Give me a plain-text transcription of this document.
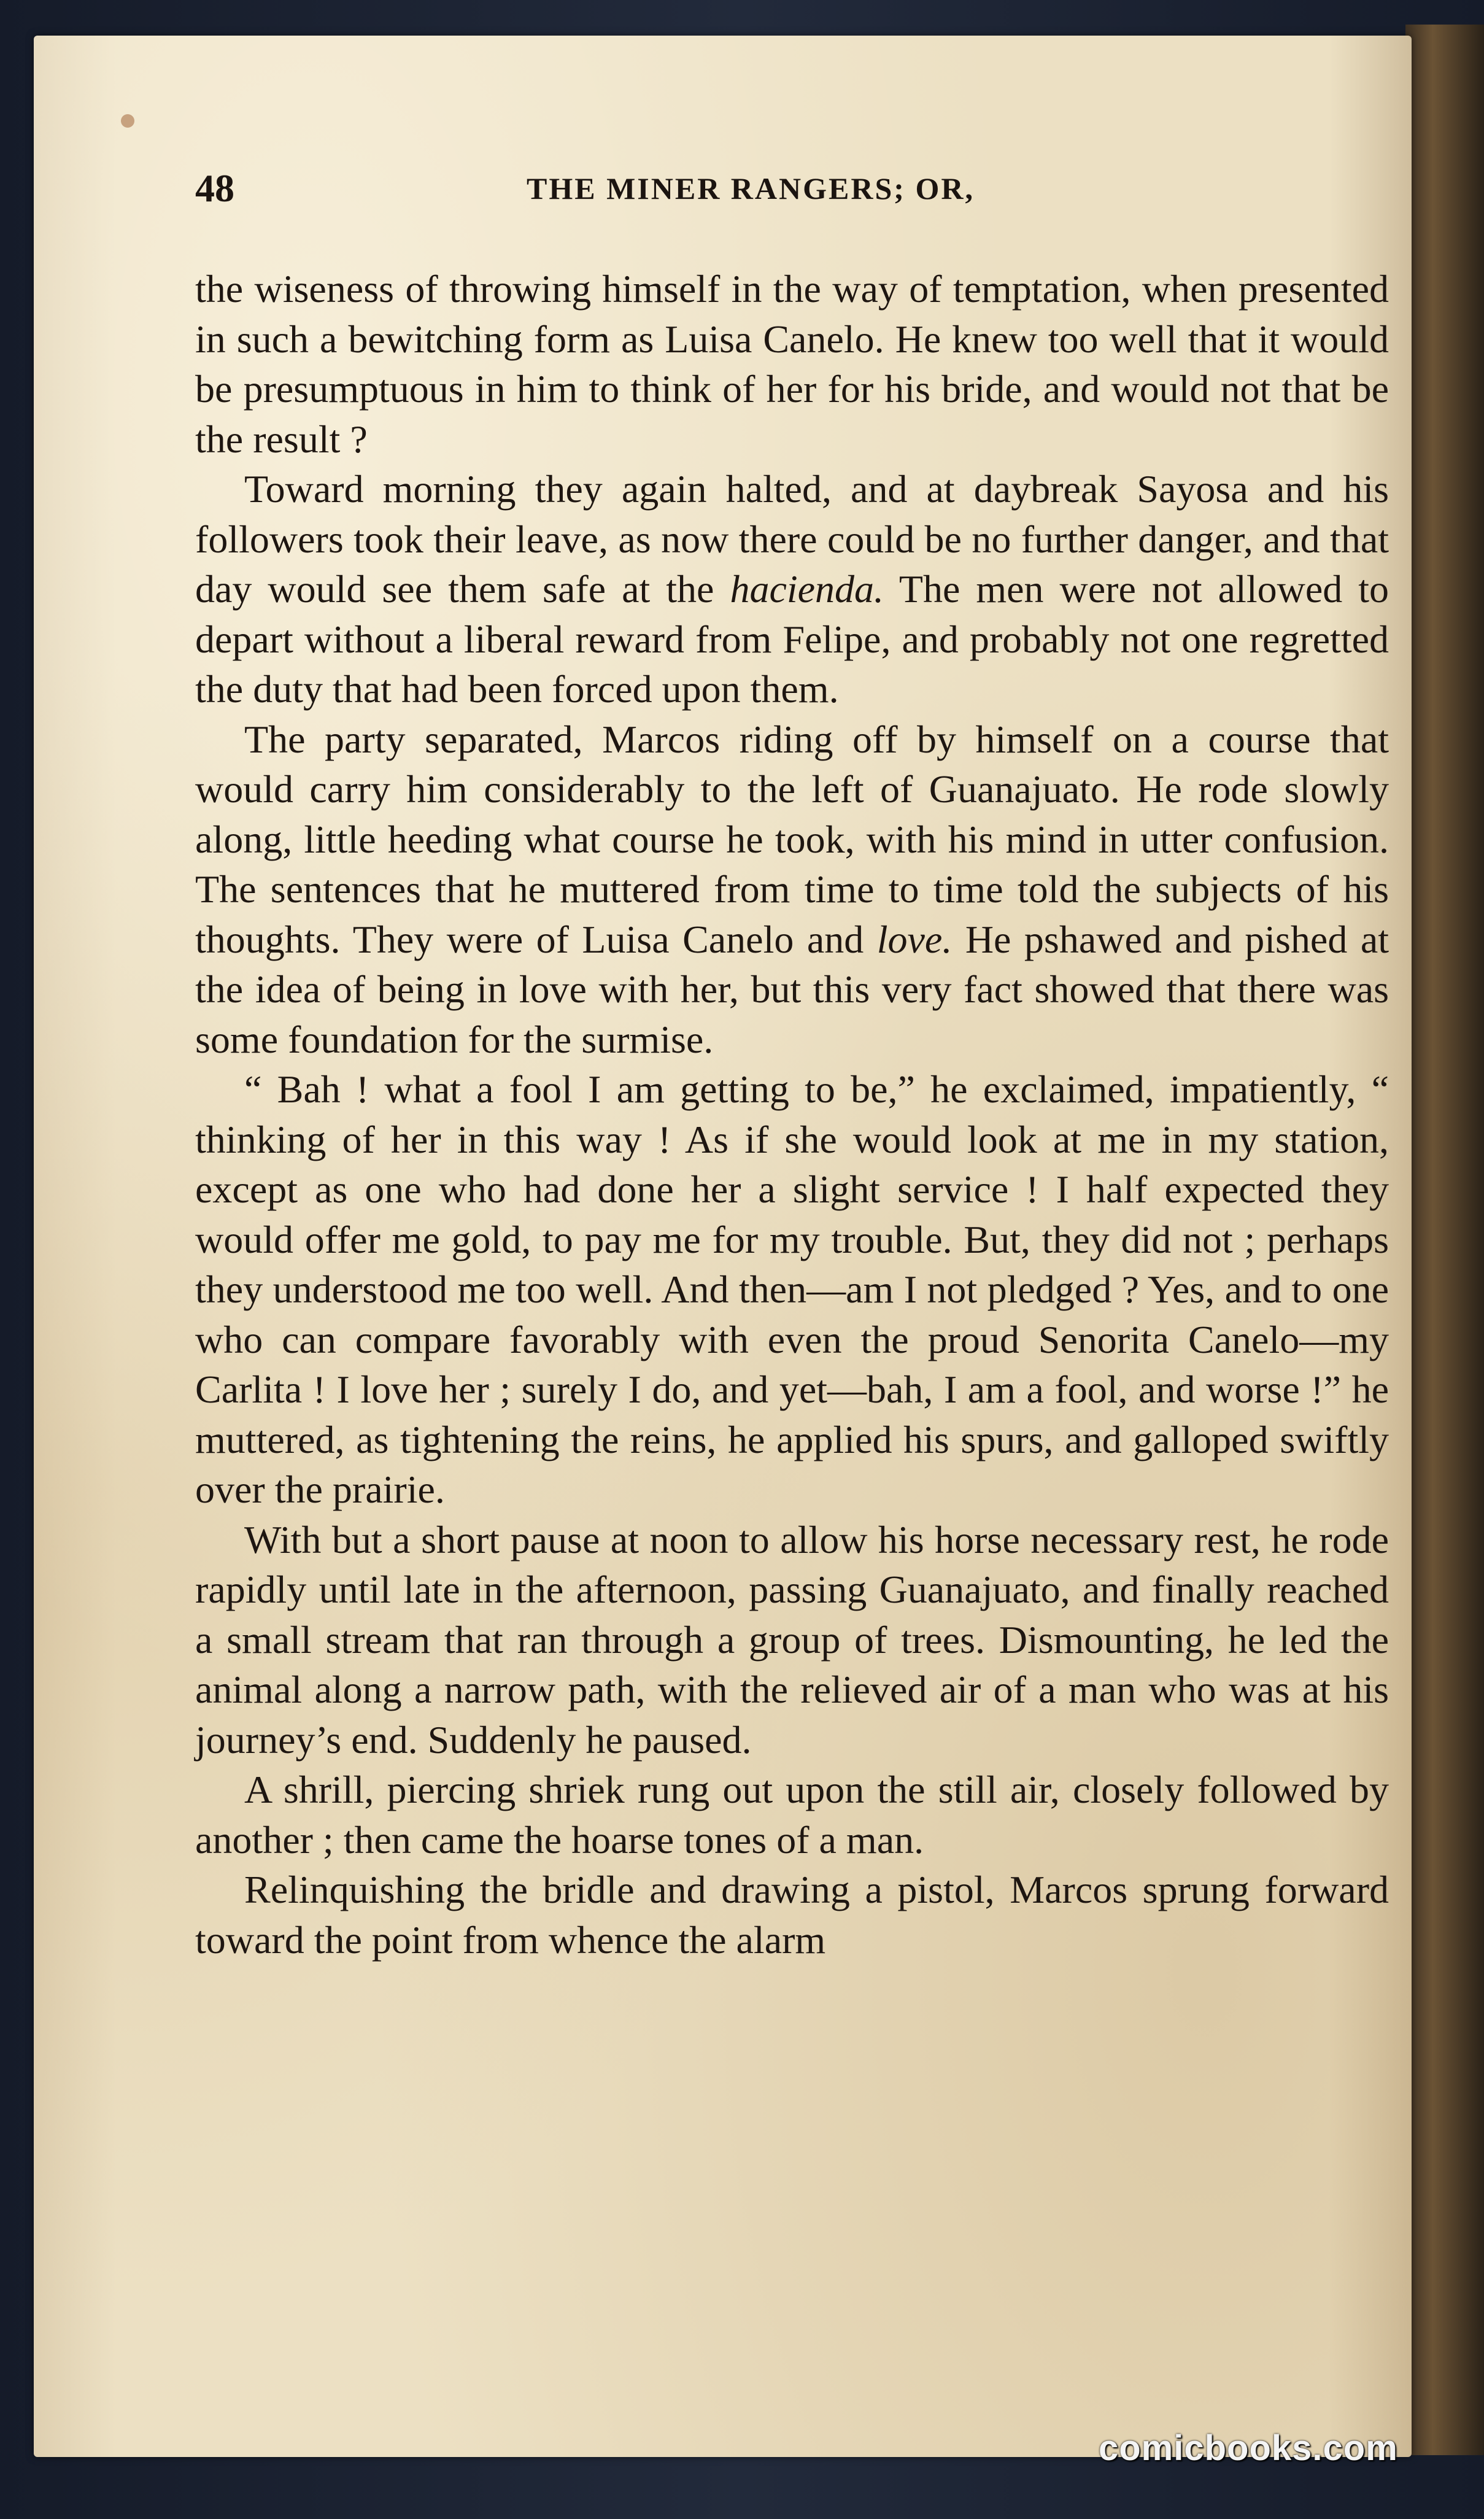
48	THE MINER RANGERS; OR,

the wiseness of throwing himself in the way of temptation, when presented in such a bewitching form as Luisa Canelo. He knew too well that it would be presumptuous in him to think of her for his bride, and would not that be the result ?

Toward morning they again halted, and at daybreak Sayosa and his followers took their leave, as now there could be no further danger, and that day would see them safe at the hacienda. The men were not allowed to depart without a liberal reward from Felipe, and probably not one regretted the duty that had been forced upon them.

The party separated, Marcos riding off by himself on a course that would carry him considerably to the left of Guanajuato. He rode slowly along, little heeding what course he took, with his mind in utter confusion. The sentences that he muttered from time to time told the subjects of his thoughts. They were of Luisa Canelo and love. He pshawed and pished at the idea of being in love with her, but this very fact showed that there was some foundation for the surmise.

“ Bah ! what a fool I am getting to be,” he exclaimed, impatiently, “ thinking of her in this way ! As if she would look at me in my station, except as one who had done her a slight service ! I half expected they would offer me gold, to pay me for my trouble. But, they did not ; perhaps they understood me too well. And then—am I not pledged ? Yes, and to one who can compare favorably with even the proud Senorita Canelo—my Carlita ! I love her ; surely I do, and yet—bah, I am a fool, and worse !” he muttered, as tightening the reins, he applied his spurs, and galloped swiftly over the prairie.

With but a short pause at noon to allow his horse necessary rest, he rode rapidly until late in the afternoon, passing Guanajuato, and finally reached a small stream that ran through a group of trees. Dismounting, he led the animal along a narrow path, with the relieved air of a man who was at his journey’s end. Suddenly he paused.

A shrill, piercing shriek rung out upon the still air, closely followed by another ; then came the hoarse tones of a man.

Relinquishing the bridle and drawing a pistol, Marcos sprung forward toward the point from whence the alarm

comicbooks.com
